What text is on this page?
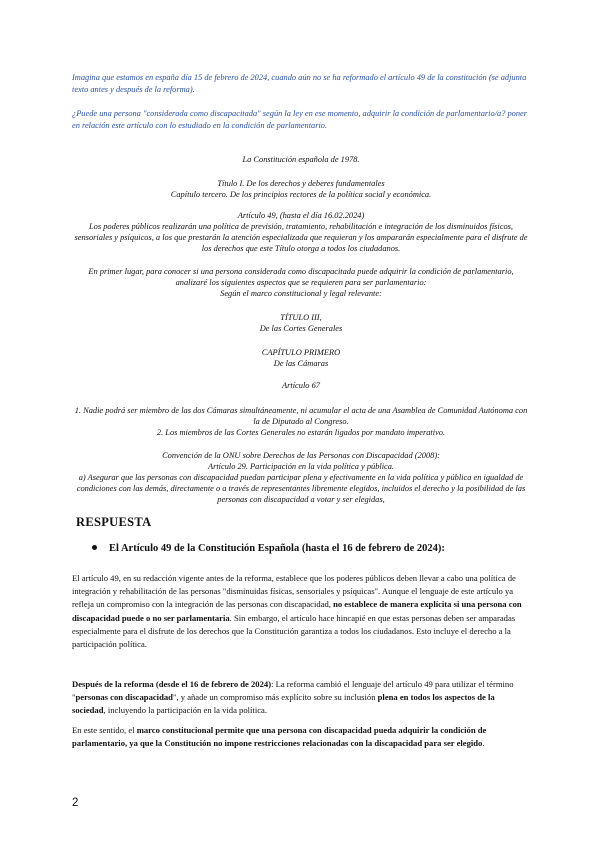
Imagina que estamos en españa día 15 de febrero de 2024, cuando aún no se ha reformado el artículo 49 de la constitución (se adjunta texto antes y después de la reforma).

¿Puede una persona "considerada como discapacitada" según la ley en ese momento, adquirir la condición de parlamentario/a? poner en relación este artículo con lo estudiado en la condición de parlamentario.

La Constitución española de 1978.

Título I. De los derechos y deberes fundamentales

Capítulo tercero. De los principios rectores de la política social y económica.

Artículo 49, (hasta el día 16.02.2024)

Los poderes públicos realizarán una política de previsión, tratamiento, rehabilitación e integración de los disminuidos físicos, sensoriales y psíquicos, a los que prestarán la atención especializada que requieran y los ampararán especialmente para el disfrute de los derechos que este Título otorga a todos los ciudadanos.

En primer lugar, para conocer si una persona considerada como discapacitada puede adquirir la condición de parlamentario, analizaré los siguientes aspectos que se requieren para ser parlamentario:

Según el marco constitucional y legal relevante:

TÍTULO III,

De las Cortes Generales

CAPÍTULO PRIMERO

De las Cámaras

Artículo 67

1. Nadie podrá ser miembro de las dos Cámaras simultáneamente, ni acumular el acta de una Asamblea de Comunidad Autónoma con la de Diputado al Congreso.

2. Los miembros de las Cortes Generales no estarán ligados por mandato imperativo.

Convención de la ONU sobre Derechos de las Personas con Discapacidad (2008):

Artículo 29. Participación en la vida política y pública.

a) Asegurar que las personas con discapacidad puedan participar plena y efectivamente en la vida política y pública en igualdad de condiciones con las demás, directamente o a través de representantes libremente elegidos, incluidos el derecho y la posibilidad de las personas con discapacidad a votar y ser elegidas,

RESPUESTA
El Artículo 49 de la Constitución Española (hasta el 16 de febrero de 2024):

El artículo 49, en su redacción vigente antes de la reforma, establece que los poderes públicos deben llevar a cabo una política de integración y rehabilitación de las personas "disminuidas físicas, sensoriales y psíquicas". Aunque el lenguaje de este artículo ya refleja un compromiso con la integración de las personas con discapacidad, no establece de manera explícita si una persona con discapacidad puede o no ser parlamentaria. Sin embargo, el artículo hace hincapié en que estas personas deben ser amparadas especialmente para el disfrute de los derechos que la Constitución garantiza a todos los ciudadanos. Esto incluye el derecho a la participación política.

Después de la reforma (desde el 16 de febrero de 2024): La reforma cambió el lenguaje del artículo 49 para utilizar el término "personas con discapacidad", y añade un compromiso más explícito sobre su inclusión plena en todos los aspectos de la sociedad, incluyendo la participación en la vida política.

En este sentido, el marco constitucional permite que una persona con discapacidad pueda adquirir la condición de parlamentario, ya que la Constitución no impone restricciones relacionadas con la discapacidad para ser elegido.

2
